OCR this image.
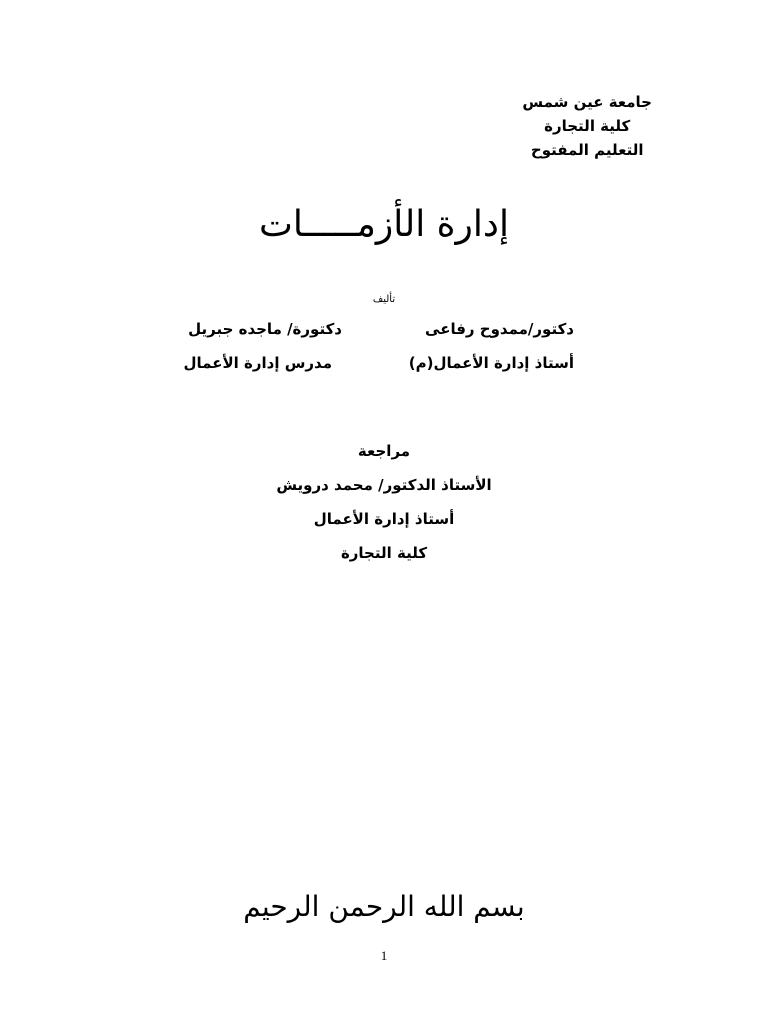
جامعة عين شمس
كلية التجارة
التعليم المفتوح
إدارة الأزمـــــات
تأليف
دكتور/ممدوح رفاعى
أستاذ إدارة الأعمال(م)
دكتورة/ ماجده جبريل
مدرس إدارة الأعمال
مراجعة
الأستاذ الدكتور/ محمد درويش
أستاذ إدارة الأعمال
كلية التجارة
بسم الله الرحمن الرحيم
1
